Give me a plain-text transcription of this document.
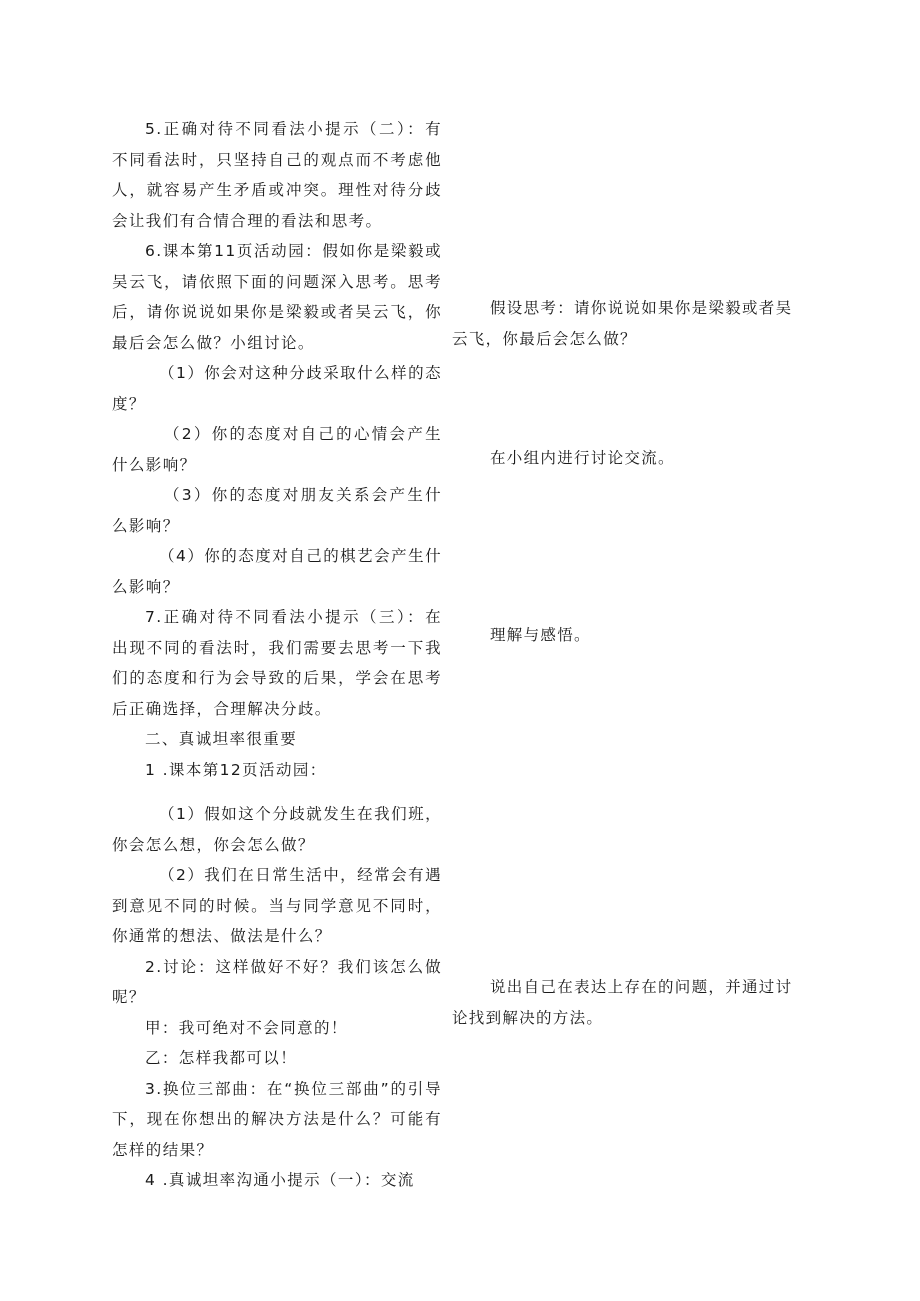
5.正确对待不同看法小提示（二）：有不同看法时，只坚持自己的观点而不考虑他人，就容易产生矛盾或冲突。理性对待分歧会让我们有合情合理的看法和思考。

6.课本第11页活动园：假如你是梁毅或吴云飞，请依照下面的问题深入思考。思考后，请你说说如果你是梁毅或者吴云飞，你最后会怎么做？小组讨论。

（1）你会对这种分歧采取什么样的态度？

（2）你的态度对自己的心情会产生什么影响？

（3）你的态度对朋友关系会产生什么影响？

（4）你的态度对自己的棋艺会产生什么影响？

7.正确对待不同看法小提示（三）：在出现不同的看法时，我们需要去思考一下我们的态度和行为会导致的后果，学会在思考后正确选择，合理解决分歧。

二、真诚坦率很重要

1 .课本第12页活动园：

（1）假如这个分歧就发生在我们班，你会怎么想，你会怎么做？

（2）我们在日常生活中，经常会有遇到意见不同的时候。当与同学意见不同时，你通常的想法、做法是什么？

2.讨论：这样做好不好？我们该怎么做呢？

甲：我可绝对不会同意的！

乙：怎样我都可以！

3.换位三部曲：在“换位三部曲”的引导下，现在你想出的解决方法是什么？可能有怎样的结果？

4 .真诚坦率沟通小提示（一）：交流

假设思考：请你说说如果你是梁毅或者吴云飞，你最后会怎么做？

在小组内进行讨论交流。

理解与感悟。

说出自己在表达上存在的问题，并通过讨论找到解决的方法。
